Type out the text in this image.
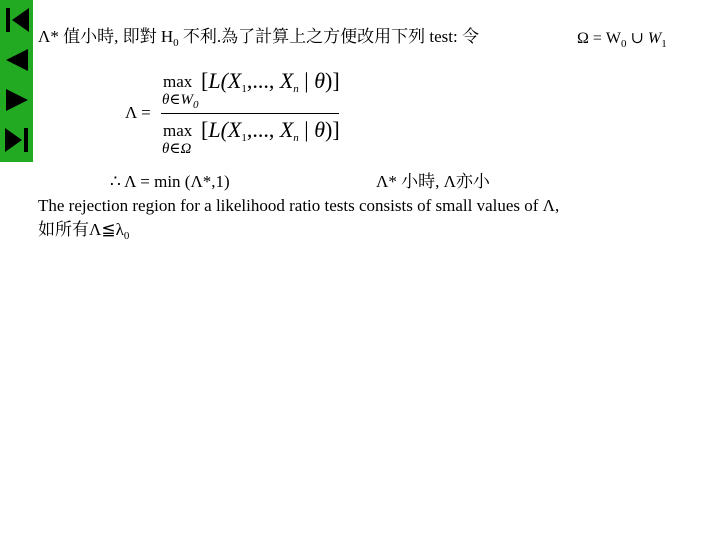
Λ* 值小時, 即對 $H_0$ 不利.為了計算上之方便改用下列 test: 令	$\Omega = W_0$ ∪ $W_1$
Λ =
max
$\theta\in W_0$
[L(X1,..., Xn | θ)]
max
θ∈Ω
[L(X1,..., Xn | θ)]
∴ Λ = min (Λ*,1)	Λ* 小時, Λ亦小
The rejection region for a likelihood ratio tests consists of small values of Λ,
如所有$\Lambda≦\lambda_0$
